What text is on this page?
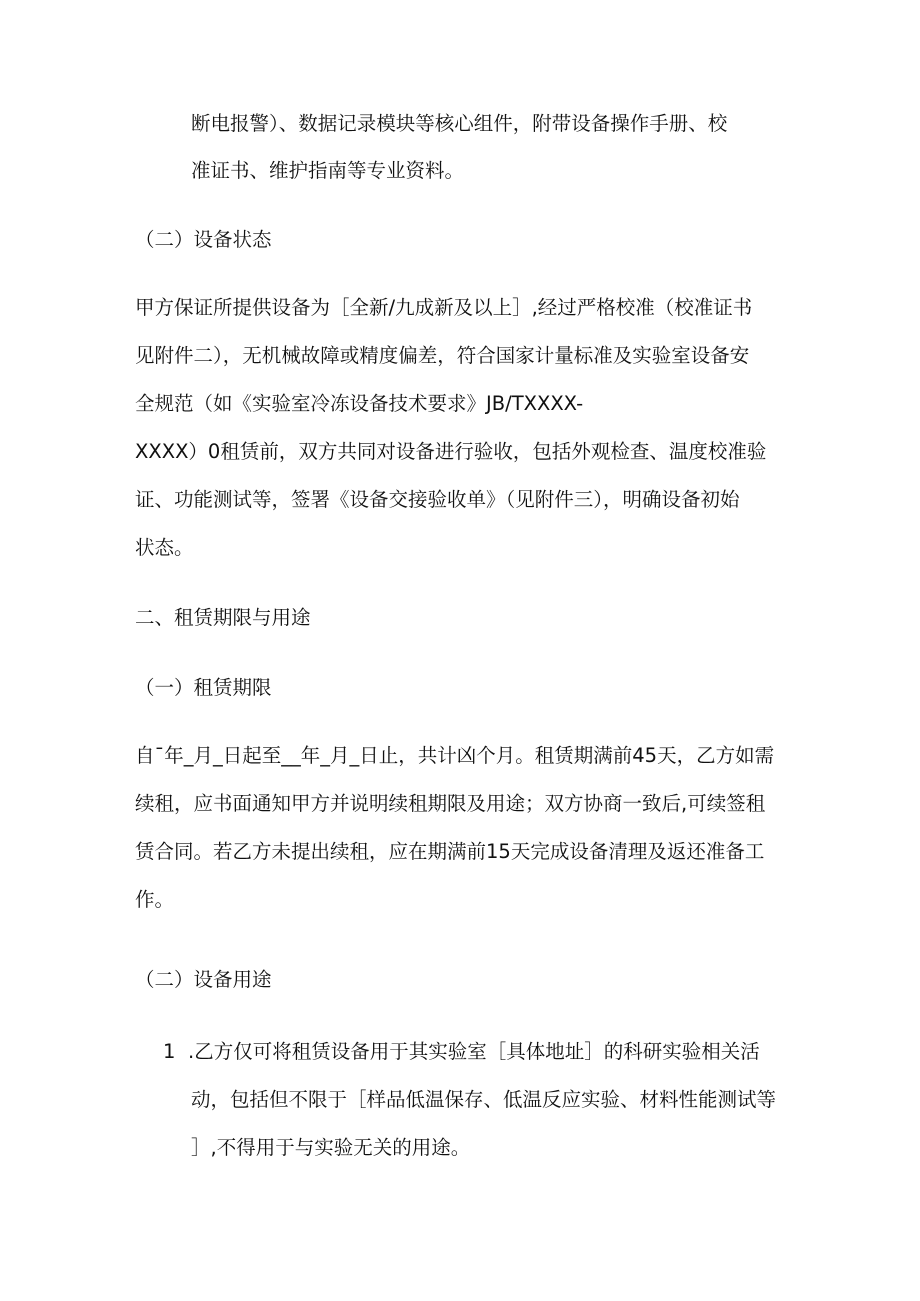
断电报警）、数据记录模块等核心组件，附带设备操作手册、校
准证书、维护指南等专业资料。
（二）设备状态
甲方保证所提供设备为［全新/九成新及以上］,经过严格校准（校准证书
见附件二），无机械故障或精度偏差，符合国家计量标准及实验室设备安
全规范（如《实验室冷冻设备技术要求》JB/TXXXX-
XXXX）0租赁前，双方共同对设备进行验收，包括外观检查、温度校准验
证、功能测试等，签署《设备交接验收单》（见附件三），明确设备初始
状态。
二、租赁期限与用途
（一）租赁期限
自¯年_月_日起至__年_月_日止，共计凶个月。租赁期满前45天，乙方如需
续租，应书面通知甲方并说明续租期限及用途；双方协商一致后,可续签租
赁合同。若乙方未提出续租，应在期满前15天完成设备清理及返还准备工
作。
（二）设备用途
1 .乙方仅可将租赁设备用于其实验室［具体地址］的科研实验相关活
动，包括但不限于［样品低温保存、低温反应实验、材料性能测试等
］,不得用于与实验无关的用途。
